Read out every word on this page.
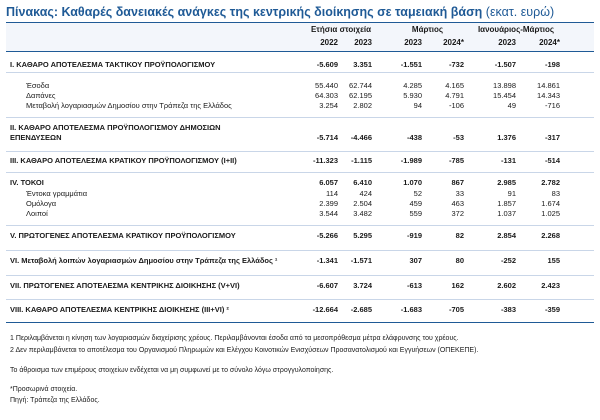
Πίνακας: Καθαρές δανειακές ανάγκες της κεντρικής διοίκησης σε ταμειακή βάση (εκατ. ευρώ)
Ετήσια στοιχεία	Μάρτιος	Ιανουάριος-Μάρτιος
2022	2023	2023	2024*	2023	2024*
I. ΚΑΘΑΡΟ ΑΠΟΤΕΛΕΣΜΑ ΤΑΚΤΙΚΟΥ ΠΡΟΫΠΟΛΟΓΙΣΜΟΥ	-5.609	3.351	-1.551	-732	-1.507	-198
Έσοδα	55.440	62.744	4.285	4.165	13.898	14.861
Δαπάνες	64.303	62.195	5.930	4.791	15.454	14.343
Μεταβολή λογαριασμών Δημοσίου στην Τράπεζα της Ελλάδος	3.254	2.802	94	-106	49	-716
II. ΚΑΘΑΡΟ ΑΠΟΤΕΛΕΣΜΑ ΠΡΟΫΠΟΛΟΓΙΣΜΟΥ ΔΗΜΟΣΙΩΝ ΕΠΕΝΔΥΣΕΩΝ	-5.714	-4.466	-438	-53	1.376	-317
III. ΚΑΘΑΡΟ ΑΠΟΤΕΛΕΣΜΑ ΚΡΑΤΙΚΟΥ ΠΡΟΫΠΟΛΟΓΙΣΜΟΥ (I+II)	-11.323	-1.115	-1.989	-785	-131	-514
IV. ΤΟΚΟΙ	6.057	6.410	1.070	867	2.985	2.782
Έντοκα γραμμάτια	114	424	52	33	91	83
Ομόλογα	2.399	2.504	459	463	1.857	1.674
Λοιποί	3.544	3.482	559	372	1.037	1.025
V. ΠΡΩΤΟΓΕΝΕΣ ΑΠΟΤΕΛΕΣΜΑ ΚΡΑΤΙΚΟΥ ΠΡΟΫΠΟΛΟΓΙΣΜΟΥ	-5.266	5.295	-919	82	2.854	2.268
VI. Μεταβολή λοιπών λογαριασμών Δημοσίου στην Τράπεζα της Ελλάδος ¹	-1.341	-1.571	307	80	-252	155
VII. ΠΡΩΤΟΓΕΝΕΣ ΑΠΟΤΕΛΕΣΜΑ ΚΕΝΤΡΙΚΗΣ ΔΙΟΙΚΗΣΗΣ (V+VI)	-6.607	3.724	-613	162	2.602	2.423
VIII. ΚΑΘΑΡΟ ΑΠΟΤΕΛΕΣΜΑ ΚΕΝΤΡΙΚΗΣ ΔΙΟΙΚΗΣΗΣ (III+VI) ²	-12.664	-2.685	-1.683	-705	-383	-359
1 Περιλαμβάνεται η κίνηση των λογαριασμών διαχείρισης χρέους. Περιλαμβάνονται έσοδα από τα μεσοπρόθεσμα μέτρα ελάφρυνσης του χρέους.
2 Δεν περιλαμβάνεται το αποτέλεσμα του Οργανισμού Πληρωμών και Ελέγχου Κοινοτικών Ενισχύσεων Προσανατολισμού και Εγγυήσεων (ΟΠΕΚΕΠΕ).
Το άθροισμα των επιμέρους στοιχείων ενδέχεται να μη συμφωνεί με το σύνολο λόγω στρογγυλοποίησης.
*Προσωρινά στοιχεία.
Πηγή: Τράπεζα της Ελλάδος.
